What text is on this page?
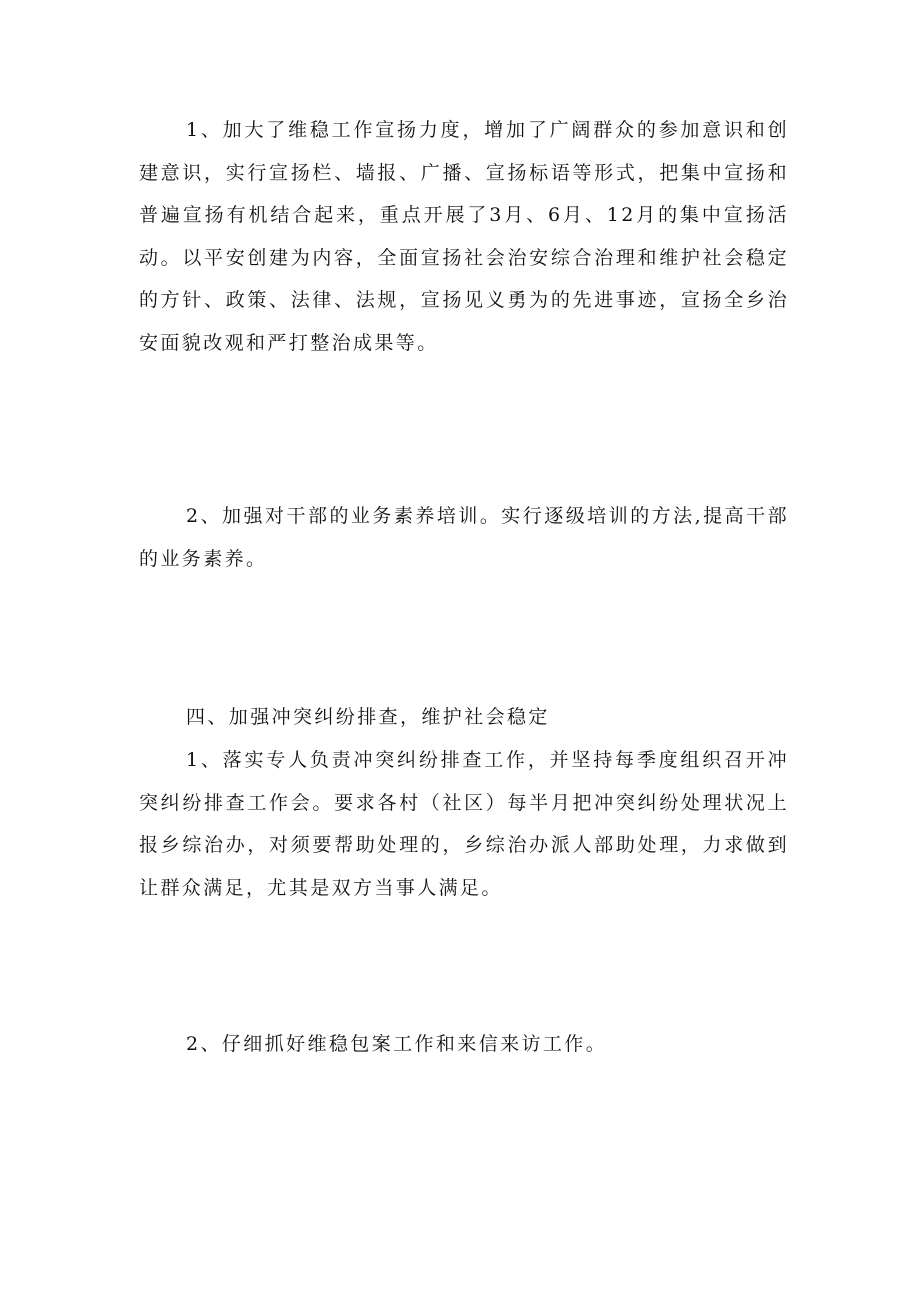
1、加大了维稳工作宣扬力度，增加了广阔群众的参加意识和创建意识，实行宣扬栏、墙报、广播、宣扬标语等形式，把集中宣扬和普遍宣扬有机结合起来，重点开展了3月、6月、12月的集中宣扬活动。以平安创建为内容，全面宣扬社会治安综合治理和维护社会稳定的方针、政策、法律、法规，宣扬见义勇为的先进事迹，宣扬全乡治安面貌改观和严打整治成果等。

2、加强对干部的业务素养培训。实行逐级培训的方法,提高干部的业务素养。

四、加强冲突纠纷排查，维护社会稳定

1、落实专人负责冲突纠纷排查工作，并坚持每季度组织召开冲突纠纷排查工作会。要求各村（社区）每半月把冲突纠纷处理状况上报乡综治办，对须要帮助处理的，乡综治办派人部助处理，力求做到让群众满足，尤其是双方当事人满足。

2、仔细抓好维稳包案工作和来信来访工作。
